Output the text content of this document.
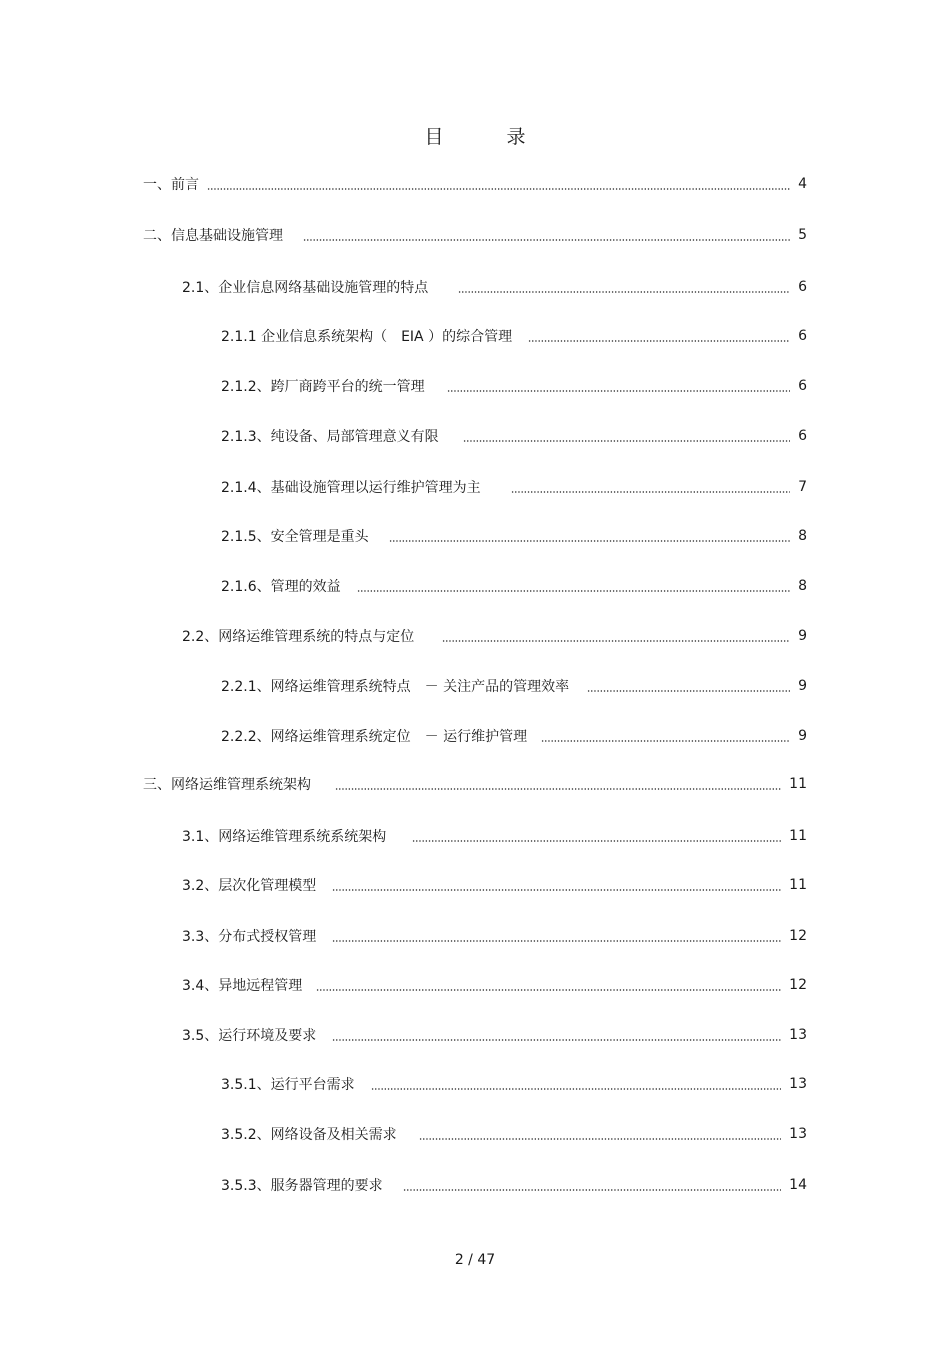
目　录
一、前言	4
二、信息基础设施管理	5
2.1、企业信息网络基础设施管理的特点	6
2.1.1 企业信息系统架构（　EIA ）的综合管理	6
2.1.2、跨厂商跨平台的统一管理	6
2.1.3、纯设备、局部管理意义有限	6
2.1.4、基础设施管理以运行维护管理为主	7
2.1.5、安全管理是重头	8
2.1.6、管理的效益	8
2.2、网络运维管理系统的特点与定位	9
2.2.1、网络运维管理系统特点　－ 关注产品的管理效率	9
2.2.2、网络运维管理系统定位　－ 运行维护管理	9
三、网络运维管理系统架构	11
3.1、网络运维管理系统系统架构	11
3.2、层次化管理模型	11
3.3、分布式授权管理	12
3.4、异地远程管理	12
3.5、运行环境及要求	13
3.5.1、运行平台需求	13
3.5.2、网络设备及相关需求	13
3.5.3、服务器管理的要求	14
2 / 47
